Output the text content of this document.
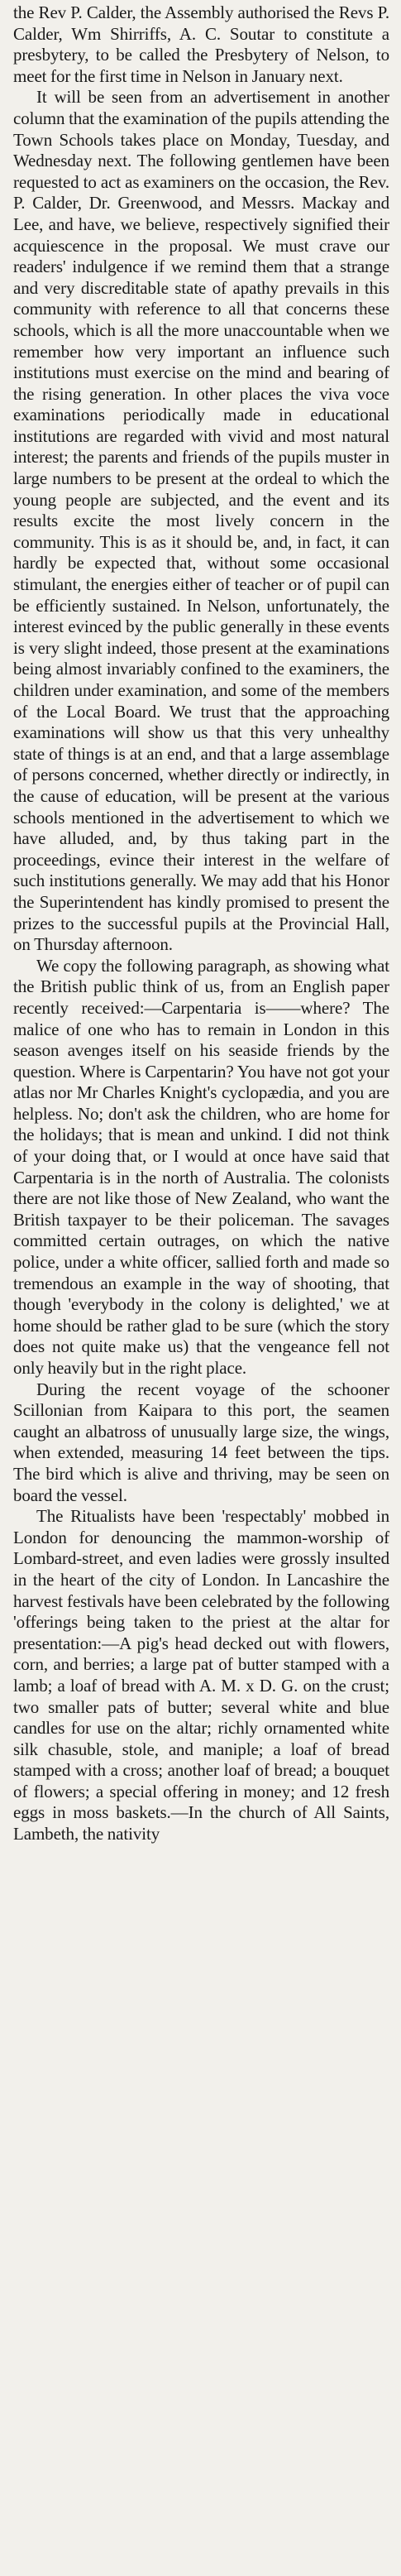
the Rev P. Calder, the Assembly authorised the Revs P. Calder, Wm Shirriffs, A. C. Soutar to constitute a presbytery, to be called the Presbytery of Nelson, to meet for the first time in Nelson in January next.

It will be seen from an advertisement in another column that the examination of the pupils attending the Town Schools takes place on Monday, Tuesday, and Wednesday next. The following gentlemen have been requested to act as examiners on the occasion, the Rev. P. Calder, Dr. Greenwood, and Messrs. Mackay and Lee, and have, we believe, respectively signified their acquiescence in the proposal. We must crave our readers' indulgence if we remind them that a strange and very discreditable state of apathy prevails in this community with reference to all that concerns these schools, which is all the more unaccountable when we remember how very important an influence such institutions must exercise on the mind and bearing of the rising generation. In other places the viva voce examinations periodically made in educational institutions are regarded with vivid and most natural interest; the parents and friends of the pupils muster in large numbers to be present at the ordeal to which the young people are subjected, and the event and its results excite the most lively concern in the community. This is as it should be, and, in fact, it can hardly be expected that, without some occasional stimulant, the energies either of teacher or of pupil can be efficiently sustained. In Nelson, unfortunately, the interest evinced by the public generally in these events is very slight indeed, those present at the examinations being almost invariably confined to the examiners, the children under examination, and some of the members of the Local Board. We trust that the approaching examinations will show us that this very unhealthy state of things is at an end, and that a large assemblage of persons concerned, whether directly or indirectly, in the cause of education, will be present at the various schools mentioned in the advertisement to which we have alluded, and, by thus taking part in the proceedings, evince their interest in the welfare of such institutions generally. We may add that his Honor the Superintendent has kindly promised to present the prizes to the successful pupils at the Provincial Hall, on Thursday afternoon.

We copy the following paragraph, as showing what the British public think of us, from an English paper recently received:—Carpentaria is——where? The malice of one who has to remain in London in this season avenges itself on his seaside friends by the question. Where is Carpentarin? You have not got your atlas nor Mr Charles Knight's cyclopædia, and you are helpless. No; don't ask the children, who are home for the holidays; that is mean and unkind. I did not think of your doing that, or I would at once have said that Carpentaria is in the north of Australia. The colonists there are not like those of New Zealand, who want the British taxpayer to be their policeman. The savages committed certain outrages, on which the native police, under a white officer, sallied forth and made so tremendous an example in the way of shooting, that though 'everybody in the colony is delighted,' we at home should be rather glad to be sure (which the story does not quite make us) that the vengeance fell not only heavily but in the right place.

During the recent voyage of the schooner Scillonian from Kaipara to this port, the seamen caught an albatross of unusually large size, the wings, when extended, measuring 14 feet between the tips. The bird which is alive and thriving, may be seen on board the vessel.

The Ritualists have been 'respectably' mobbed in London for denouncing the mammon-worship of Lombard-street, and even ladies were grossly insulted in the heart of the city of London. In Lancashire the harvest festivals have been celebrated by the following 'offerings being taken to the priest at the altar for presentation:—A pig's head decked out with flowers, corn, and berries; a large pat of butter stamped with a lamb; a loaf of bread with A. M. x D. G. on the crust; two smaller pats of butter; several white and blue candles for use on the altar; richly ornamented white silk chasuble, stole, and maniple; a loaf of bread stamped with a cross; another loaf of bread; a bouquet of flowers; a special offering in money; and 12 fresh eggs in moss baskets.—In the church of All Saints, Lambeth, the nativity
